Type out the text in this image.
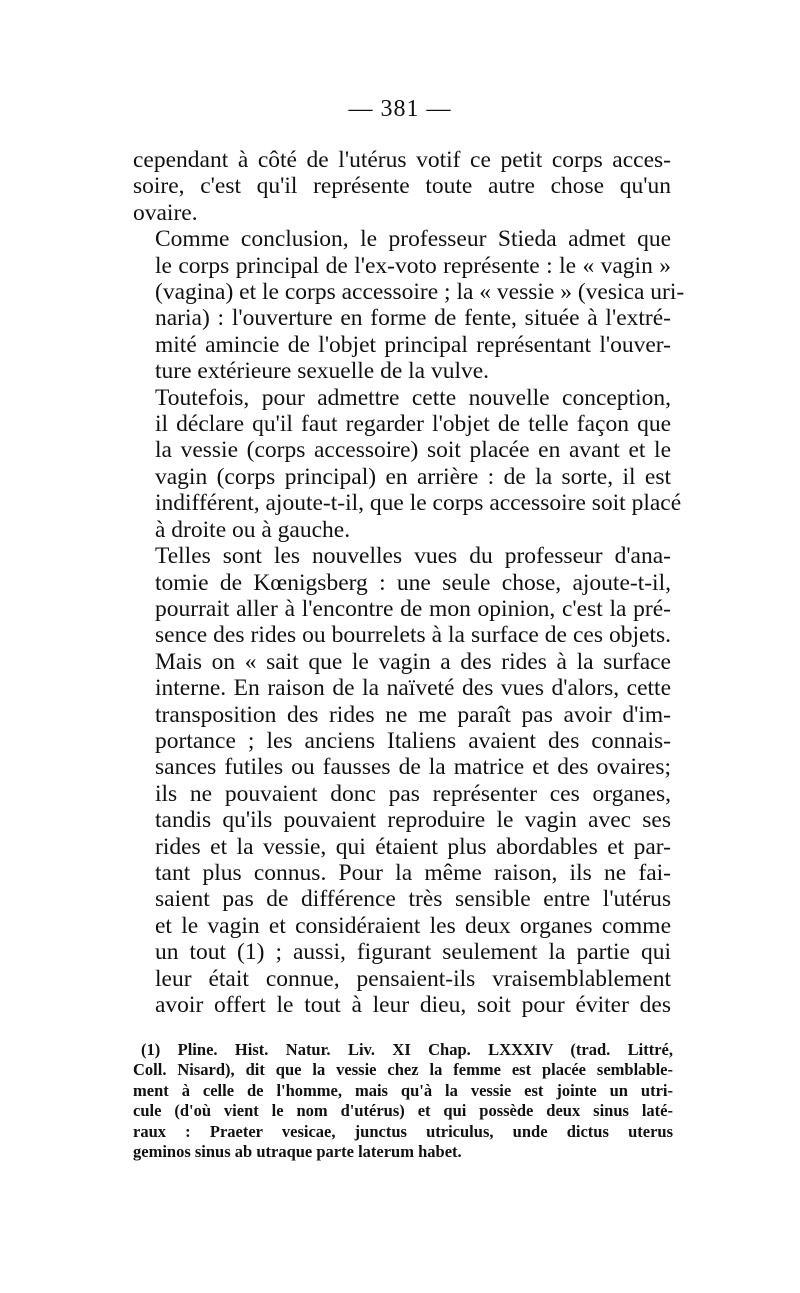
— 381 —

cependant à côté de l'utérus votif ce petit corps acces-
soire, c'est qu'il représente toute autre chose qu'un
ovaire.

Comme conclusion, le professeur Stieda admet que
le corps principal de l'ex-voto représente : le « vagin »
(vagina) et le corps accessoire ; la « vessie » (vesica uri-
naria) : l'ouverture en forme de fente, située à l'extré-
mité amincie de l'objet principal représentant l'ouver-
ture extérieure sexuelle de la vulve.

Toutefois, pour admettre cette nouvelle conception,
il déclare qu'il faut regarder l'objet de telle façon que
la vessie (corps accessoire) soit placée en avant et le
vagin (corps principal) en arrière : de la sorte, il est
indifférent, ajoute-t-il, que le corps accessoire soit placé
à droite ou à gauche.

Telles sont les nouvelles vues du professeur d'ana-
tomie de Kœnigsberg : une seule chose, ajoute-t-il,
pourrait aller à l'encontre de mon opinion, c'est la pré-
sence des rides ou bourrelets à la surface de ces objets.
Mais on « sait que le vagin a des rides à la surface
interne. En raison de la naïveté des vues d'alors, cette
transposition des rides ne me paraît pas avoir d'im-
portance ; les anciens Italiens avaient des connais-
sances futiles ou fausses de la matrice et des ovaires;
ils ne pouvaient donc pas représenter ces organes,
tandis qu'ils pouvaient reproduire le vagin avec ses
rides et la vessie, qui étaient plus abordables et par-
tant plus connus. Pour la même raison, ils ne fai-
saient pas de différence très sensible entre l'utérus
et le vagin et considéraient les deux organes comme
un tout (1) ; aussi, figurant seulement la partie qui
leur était connue, pensaient-ils vraisemblablement
avoir offert le tout à leur dieu, soit pour éviter des

(1) Pline. Hist. Natur. Liv. XI Chap. LXXXIV (trad. Littré,
Coll. Nisard), dit que la vessie chez la femme est placée semblable-
ment à celle de l'homme, mais qu'à la vessie est jointe un utri-
cule (d'où vient le nom d'utérus) et qui possède deux sinus laté-
raux : Praeter vesicae, junctus utriculus, unde dictus uterus
geminos sinus ab utraque parte laterum habet.
